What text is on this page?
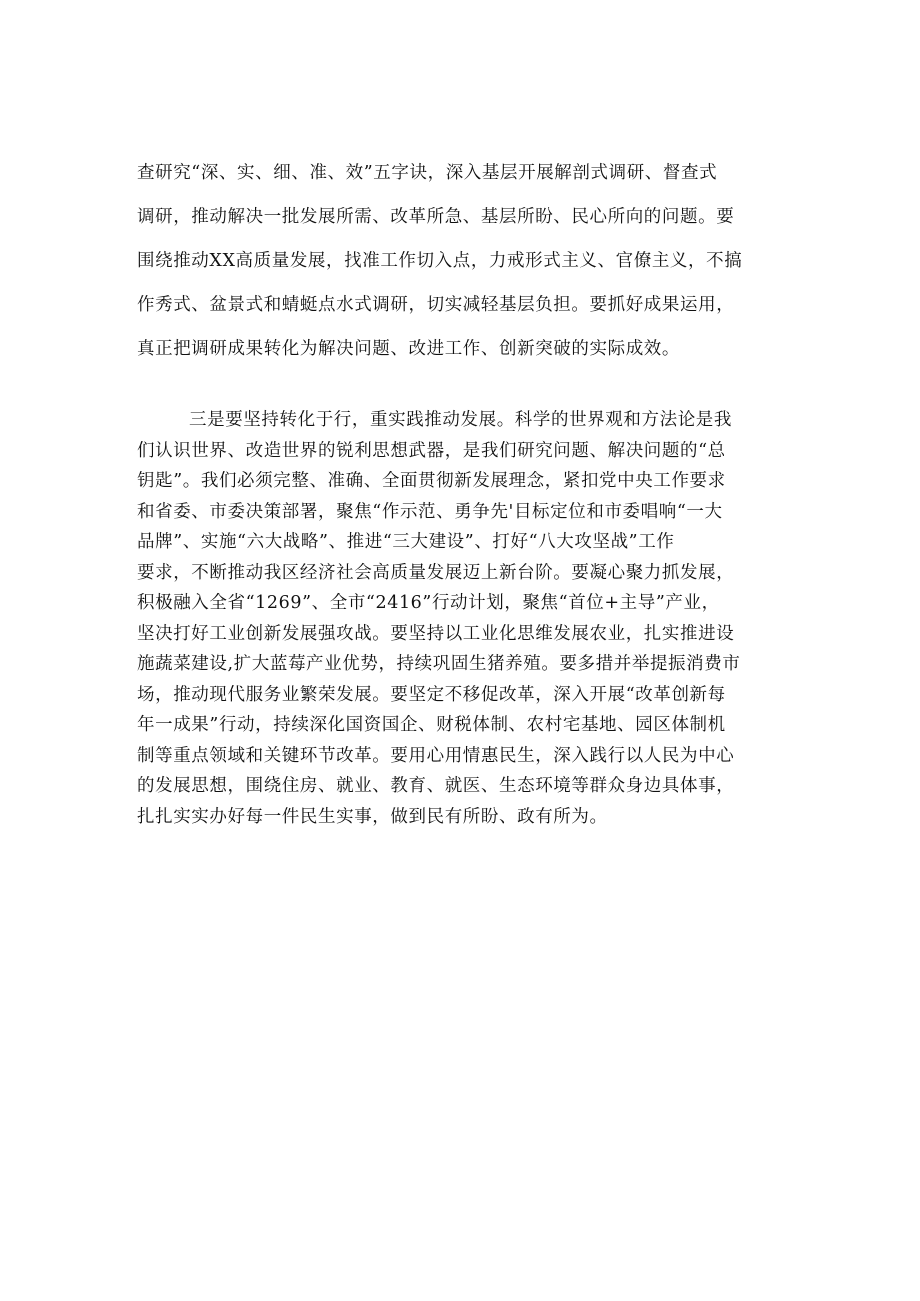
查研究“深、实、细、准、效”五字诀，深入基层开展解剖式调研、督查式
调研，推动解决一批发展所需、改革所急、基层所盼、民心所向的问题。要
围绕推动XX高质量发展，找准工作切入点，力戒形式主义、官僚主义，不搞
作秀式、盆景式和蜻蜓点水式调研，切实减轻基层负担。要抓好成果运用，
真正把调研成果转化为解决问题、改进工作、创新突破的实际成效。
三是要坚持转化于行，重实践推动发展。科学的世界观和方法论是我
们认识世界、改造世界的锐利思想武器，是我们研究问题、解决问题的“总
钥匙”。我们必须完整、准确、全面贯彻新发展理念，紧扣党中央工作要求
和省委、市委决策部署，聚焦“作示范、勇争先'目标定位和市委唱响“一大
品牌”、实施“六大战略”、推进“三大建设”、打好“八大攻坚战”工作
要求，不断推动我区经济社会高质量发展迈上新台阶。要凝心聚力抓发展，
积极融入全省“1269”、全市“2416”行动计划，聚焦“首位+主导”产业，
坚决打好工业创新发展强攻战。要坚持以工业化思维发展农业，扎实推进设
施蔬菜建设,扩大蓝莓产业优势，持续巩固生猪养殖。要多措并举提振消费市
场，推动现代服务业繁荣发展。要坚定不移促改革，深入开展“改革创新每
年一成果”行动，持续深化国资国企、财税体制、农村宅基地、园区体制机
制等重点领域和关键环节改革。要用心用情惠民生，深入践行以人民为中心
的发展思想，围绕住房、就业、教育、就医、生态环境等群众身边具体事，
扎扎实实办好每一件民生实事，做到民有所盼、政有所为。
